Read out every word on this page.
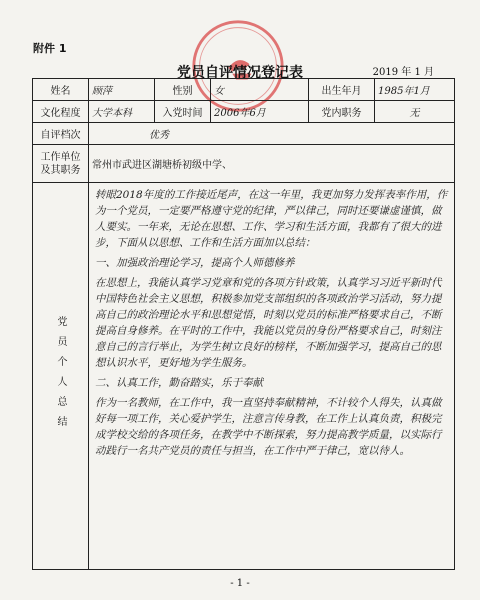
附件 1
党员自评情况登记表	2019 年 1 月
姓名	顾萍	性别	女	出生年月	1985年1月
文化程度	大学本科	入党时间	2006年6月	党内职务	无
自评档次	优秀				
工作单位及其职务	常州市武进区湖塘桥初级中学、				

党员个人总结	转眼2018年度的工作接近尾声，在这一年里，我更加努力发挥表率作用，作为一个党员，一定要严格遵守党的纪律，严以律己，同时还要谦虚谨慎，做人要实。一年来，无论在思想、工作、学习和生活方面，我都有了很大的进步，下面从以思想、工作和生活方面加以总结：

一、加强政治理论学习，提高个人师德修养

在思想上，我能认真学习党章和党的各项方针政策，认真学习习近平新时代中国特色社会主义思想，积极参加党支部组织的各项政治学习活动，努力提高自己的政治理论水平和思想觉悟，时刻以党员的标准严格要求自己，不断提高自身修养。在平时的工作中，我能以党员的身份严格要求自己，时刻注意自己的言行举止，为学生树立良好的榜样，不断加强学习，提高自己的思想认识水平，更好地为学生服务。

二、认真工作，勤奋踏实，乐于奉献

作为一名教师，在工作中，我一直坚持奉献精神，不计较个人得失，认真做好每一项工作，关心爱护学生，注意言传身教，在工作上认真负责，积极完成学校交给的各项任务，在教学中不断探索，努力提高教学质量，以实际行动践行一名共产党员的责任与担当，在工作中严于律己，宽以待人。				

- 1 -
